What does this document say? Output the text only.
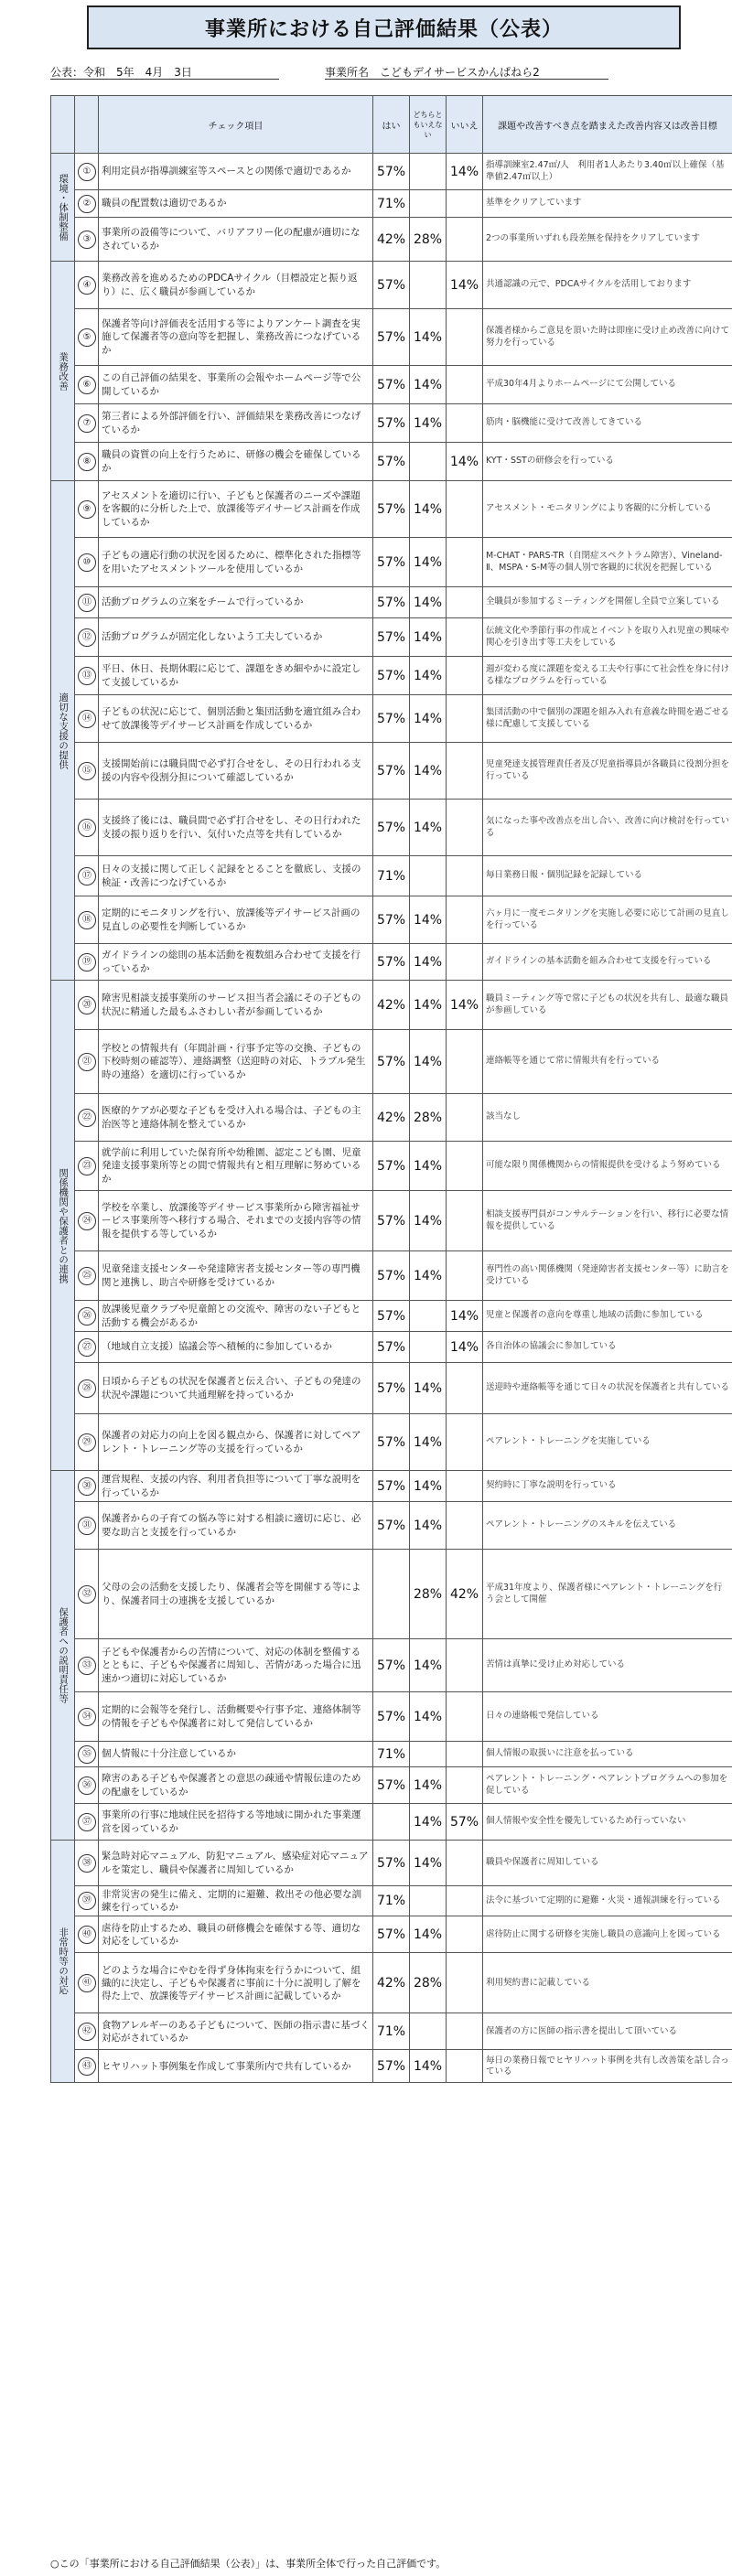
事業所における自己評価結果（公表）
公表：令和　5年　4月　3日	事業所名　こどもデイサービスかんぱねら2
		チェック項目	はい	どちらともいえない	いいえ	課題や改善すべき点を踏まえた改善内容又は改善目標
環境・体制整備	①	利用定員が指導訓練室等スペースとの関係で適切であるか	57%		14%	指導訓練室2.47㎡/人　利用者1人あたり3.40㎡以上確保（基準値2.47㎡以上）
	②	職員の配置数は適切であるか	71%			基準をクリアしています
	③	事業所の設備等について、バリアフリー化の配慮が適切になされているか	42%	28%		2つの事業所いずれも段差無を保持をクリアしています
業務改善	④	業務改善を進めるためのPDCAサイクル（目標設定と振り返り）に、広く職員が参画しているか	57%		14%	共通認識の元で、PDCAサイクルを活用しております
	⑤	保護者等向け評価表を活用する等によりアンケート調査を実施して保護者等の意向等を把握し、業務改善につなげているか	57%	14%		保護者様からご意見を頂いた時は即座に受け止め改善に向けて努力を行っている
	⑥	この自己評価の結果を、事業所の会報やホームページ等で公開しているか	57%	14%		平成30年4月よりホームページにて公開している
	⑦	第三者による外部評価を行い、評価結果を業務改善につなげているか	57%	14%		筋肉・脳機能に受けて改善してきている
	⑧	職員の資質の向上を行うために、研修の機会を確保しているか	57%		14%	KYT・SSTの研修会を行っている
適切な支援の提供	⑨	アセスメントを適切に行い、子どもと保護者のニーズや課題を客観的に分析した上で、放課後等デイサービス計画を作成しているか	57%	14%		アセスメント・モニタリングにより客観的に分析している
	⑩	子どもの適応行動の状況を図るために、標準化された指標等を用いたアセスメントツールを使用しているか	57%	14%		M-CHAT・PARS-TR（自閉症スペクトラム障害）、Vineland-Ⅱ、MSPA・S-M等の個人別で客観的に状況を把握している
	⑪	活動プログラムの立案をチームで行っているか	57%	14%		全職員が参加するミーティングを開催し全員で立案している
	⑫	活動プログラムが固定化しないよう工夫しているか	57%	14%		伝統文化や季節行事の作成とイベントを取り入れ児童の興味や関心を引き出す等工夫をしている
	⑬	平日、休日、長期休暇に応じて、課題をきめ細やかに設定して支援しているか	57%	14%		週が変わる度に課題を変える工夫や行事にて社会性を身に付ける様なプログラムを行っている
	⑭	子どもの状況に応じて、個別活動と集団活動を適宜組み合わせて放課後等デイサービス計画を作成しているか	57%	14%		集団活動の中で個別の課題を組み入れ有意義な時間を過ごせる様に配慮して支援している
	⑮	支援開始前には職員間で必ず打合せをし、その日行われる支援の内容や役割分担について確認しているか	57%	14%		児童発達支援管理責任者及び児童指導員が各職員に役割分担を行っている
	⑯	支援終了後には、職員間で必ず打合せをし、その日行われた支援の振り返りを行い、気付いた点等を共有しているか	57%	14%		気になった事や改善点を出し合い、改善に向け検討を行っている
	⑰	日々の支援に関して正しく記録をとることを徹底し、支援の検証・改善につなげているか	71%			毎日業務日報・個別記録を記録している
	⑱	定期的にモニタリングを行い、放課後等デイサービス計画の見直しの必要性を判断しているか	57%	14%		六ヶ月に一度モニタリングを実施し必要に応じて計画の見直しを行っている
	⑲	ガイドラインの総則の基本活動を複数組み合わせて支援を行っているか	57%	14%		ガイドラインの基本活動を組み合わせて支援を行っている
関係機関や保護者との連携	⑳	障害児相談支援事業所のサービス担当者会議にその子どもの状況に精通した最もふさわしい者が参画しているか	42%	14%	14%	職員ミーティング等で常に子どもの状況を共有し、最適な職員が参画している
	㉑	学校との情報共有（年間計画・行事予定等の交換、子どもの下校時刻の確認等）、連絡調整（送迎時の対応、トラブル発生時の連絡）を適切に行っているか	57%	14%		連絡帳等を通じて常に情報共有を行っている
	㉒	医療的ケアが必要な子どもを受け入れる場合は、子どもの主治医等と連絡体制を整えているか	42%	28%		該当なし
	㉓	就学前に利用していた保育所や幼稚園、認定こども園、児童発達支援事業所等との間で情報共有と相互理解に努めているか	57%	14%		可能な限り関係機関からの情報提供を受けるよう努めている
	㉔	学校を卒業し、放課後等デイサービス事業所から障害福祉サービス事業所等へ移行する場合、それまでの支援内容等の情報を提供する等しているか	57%	14%		相談支援専門員がコンサルテーションを行い、移行に必要な情報を提供している
	㉕	児童発達支援センターや発達障害者支援センター等の専門機関と連携し、助言や研修を受けているか	57%	14%		専門性の高い関係機関（発達障害者支援センター等）に助言を受けている
	㉖	放課後児童クラブや児童館との交流や、障害のない子どもと活動する機会があるか	57%		14%	児童と保護者の意向を尊重し地域の活動に参加している
	㉗	（地域自立支援）協議会等へ積極的に参加しているか	57%		14%	各自治体の協議会に参加している
	㉘	日頃から子どもの状況を保護者と伝え合い、子どもの発達の状況や課題について共通理解を持っているか	57%	14%		送迎時や連絡帳等を通じて日々の状況を保護者と共有している
	㉙	保護者の対応力の向上を図る観点から、保護者に対してペアレント・トレーニング等の支援を行っているか	57%	14%		ペアレント・トレーニングを実施している
保護者への説明責任等	㉚	運営規程、支援の内容、利用者負担等について丁寧な説明を行っているか	57%	14%		契約時に丁寧な説明を行っている
	㉛	保護者からの子育ての悩み等に対する相談に適切に応じ、必要な助言と支援を行っているか	57%	14%		ペアレント・トレーニングのスキルを伝えている
	㉜	父母の会の活動を支援したり、保護者会等を開催する等により、保護者同士の連携を支援しているか		28%	42%	平成31年度より、保護者様にペアレント・トレーニングを行う会として開催
	㉝	子どもや保護者からの苦情について、対応の体制を整備するとともに、子どもや保護者に周知し、苦情があった場合に迅速かつ適切に対応しているか	57%	14%		苦情は真摯に受け止め対応している
	㉞	定期的に会報等を発行し、活動概要や行事予定、連絡体制等の情報を子どもや保護者に対して発信しているか	57%	14%		日々の連絡帳で発信している
	㉟	個人情報に十分注意しているか	71%			個人情報の取扱いに注意を払っている
	㊱	障害のある子どもや保護者との意思の疎通や情報伝達のための配慮をしているか	57%	14%		ペアレント・トレーニング・ペアレントプログラムへの参加を促している
	㊲	事業所の行事に地域住民を招待する等地域に開かれた事業運営を図っているか		14%	57%	個人情報や安全性を優先しているため行っていない
非常時等の対応	㊳	緊急時対応マニュアル、防犯マニュアル、感染症対応マニュアルを策定し、職員や保護者に周知しているか	57%	14%		職員や保護者に周知している
	㊴	非常災害の発生に備え、定期的に避難、救出その他必要な訓練を行っているか	71%			法令に基づいて定期的に避難・火災・通報訓練を行っている
	㊵	虐待を防止するため、職員の研修機会を確保する等、適切な対応をしているか	57%	14%		虐待防止に関する研修を実施し職員の意識向上を図っている
	㊶	どのような場合にやむを得ず身体拘束を行うかについて、組織的に決定し、子どもや保護者に事前に十分に説明し了解を得た上で、放課後等デイサービス計画に記載しているか	42%	28%		利用契約書に記載している
	㊷	食物アレルギーのある子どもについて、医師の指示書に基づく対応がされているか	71%			保護者の方に医師の指示書を提出して頂いている
	㊸	ヒヤリハット事例集を作成して事業所内で共有しているか	57%	14%		毎日の業務日報でヒヤリハット事例を共有し改善策を話し合っている
○この「事業所における自己評価結果（公表）」は、事業所全体で行った自己評価です。
